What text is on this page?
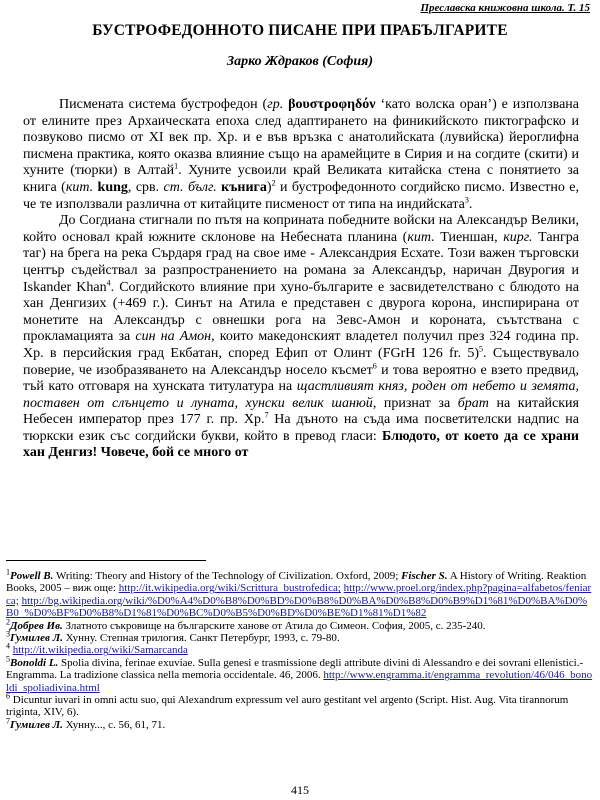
Преславска книжовна школа. Т. 15
БУСТРОФЕДОННОТО ПИСАНЕ ПРИ ПРАБЪЛГАРИТЕ
Зарко Ждраков (София)

Писмената система бустрофедон (гр. βουστροφηδόν ‘като волска оран’) е използвана от елините през Архаическата епоха след адаптирането на финикийското пиктографско и позвуково писмо от XI век пр. Хр. и е във връзка с анатолийската (лувийска) йероглифна писмена практика, която оказва влияние също на арамейците в Сирия и на согдите (скити) и хуните (тюрки) в Алтай$^1$. Хуните усвоили край Великата китайска стена с понятието за книга (кит. kung, срв. ст. бълг. кънига)$^2$ и бустрофедонното согдийско писмо. Известно е, че те използвали различна от китайците писменост от типа на индийската$^3$.

До Согдиана стигнали по пътя на коприната победните войски на Александър Велики, който основал край южните склонове на Небесната планина (кит. Тиеншан, кирг. Тангра таг) на брега на река Сърдаря град на свое име - Александрия Есхате. Този важен търговски център съдействал за разпространението на романа за Александър, наричан Двурогия и Iskander Khan$^4$. Согдийското влияние при хуно-българите е засвидетелствано с блюдото на хан Денгизих (+469 г.). Синът на Атила е представен с двурога корона, инспирирана от монетите на Александър с овнешки рога на Зевс-Амон и короната, съътствана с прокламацията за син на Амон, които македонският владетел получил през 324 година пр. Хр. в персийския град Екбатан, според Ефип от Олинт (FGrH 126 fr. 5)$^5$. Съществувало поверие, че изобразяването на Александър носело късмет$^6$ и това вероятно е взето предвид, тъй като отговаря на хунската титулатура на щастливият княз, роден от небето и земята, поставен от слънцето и луната, хунски велик шанюй, признат за брат на китайския Небесен император през 177 г. пр. Хр.$^7$ На дъното на съда има посветителски надпис на тюркски език със согдийски букви, който в превод гласи: Блюдото, от което да се храни хан Денгиз! Човече, бой се много от

$^1$Powell B. Writing: Theory and History of the Technology of Civilization. Oxford, 2009; Fischer S. A History of Writing. Reaktion Books, 2005 – виж още: http://it.wikipedia.org/wiki/Scrittura_bustrofedica; http://www.proel.org/index.php?pagina=alfabetos/feniarca; http://bg.wikipedia.org/wiki/%D0%A4%D0%B8%D0%BD%D0%B8%D0%BA%D0%B8%D0%B9%D1%81%D0%BA%D0%B0_%D0%BF%D0%B8%D1%81%D0%BC%D0%B5%D0%BD%D0%BE%D1%81%D1%82
$^2$Добрев Ив. Златното съкровище на българските ханове от Атила до Симеон. София, 2005, с. 235-240.
$^3$Гумилев Л. Хунну. Степная трилогия. Санкт Петербург, 1993, с. 79-80.
$^4$ http://it.wikipedia.org/wiki/Samarcanda
$^5$Bonoldi L. Spolia divina, ferinae exuviae. Sulla genesi e trasmissione degli attribute divini di Alessandro e dei sovrani ellenistici.- Engramma. La tradizione classica nella memoria occidentale. 46, 2006. http://www.engramma.it/engramma_revolution/46/046_bonoldi_spoliadivina.html
$^6$ Dicuntur iuvari in omni actu suo, qui Alexandrum expressum vel auro gestitant vel argento (Script. Hist. Aug. Vita tirannorum triginta, XIV, 6).
$^7$Гумилев Л. Хунну..., с. 56, 61, 71.
415
